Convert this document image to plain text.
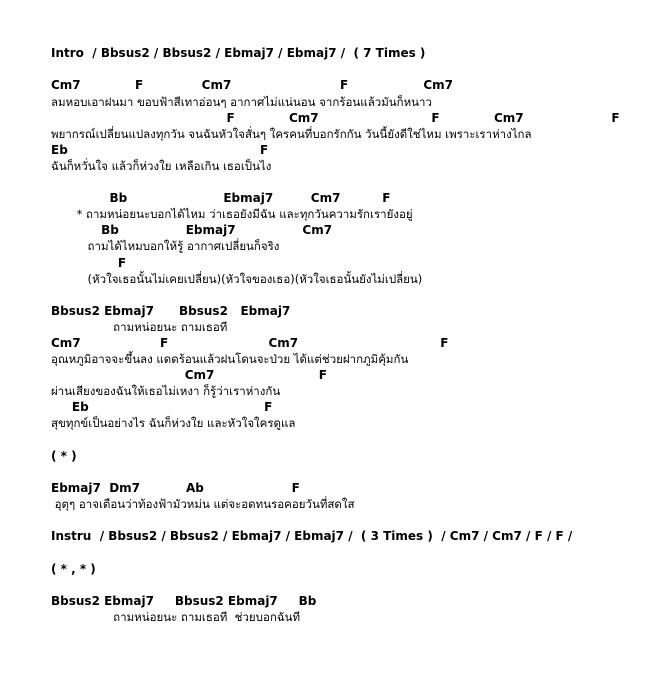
Intro  / Bbsus2 / Bbsus2 / Ebmaj7 / Ebmaj7 /  ( 7 Times )
Cm7             F              Cm7                          F                  Cm7
ลมหอบเอาฝนมา ขอบฟ้าสีเทาอ่อนๆ อากาศไม่แน่นอน จากร้อนแล้วมันก็หนาว
F             Cm7                           F             Cm7                     F
พยากรณ์เปลี่ยนแปลงทุกวัน จนฉันหัวใจสั่นๆ ใครคนที่บอกรักกัน วันนี้ยังดีใช่ไหม เพราะเราห่างไกล
Eb                                              F
ฉันก็หวั่นใจ แล้วก็ห่วงใย เหลือเกิน เธอเป็นไง
Bb                       Ebmaj7         Cm7          F
* ถามหน่อยนะบอกได้ไหม ว่าเธอยังมีฉัน และทุกวันความรักเรายังอยู่
Bb                Ebmaj7                Cm7
ถามได้ไหมบอกให้รู้ อากาศเปลี่ยนก็จริง
F
(หัวใจเธอนั้นไม่เคยเปลี่ยน)(หัวใจของเธอ)(หัวใจเธอนั้นยังไม่เปลี่ยน)
Bbsus2 Ebmaj7      Bbsus2   Ebmaj7
ถามหน่อยนะ ถามเธอที
Cm7                   F                        Cm7                                  F
อุณหภูมิอาจจะขึ้นลง แดดร้อนแล้วฝนโดนจะป่วย ได้แต่ช่วยฝากภูมิคุ้มกัน
Cm7                         F
ผ่านเสียงของฉันให้เธอไม่เหงา ก็รู้ว่าเราห่างกัน
Eb                                          F
สุขทุกข์เป็นอย่างไร ฉันก็ห่วงใย และหัวใจใครดูแล
( * )
Ebmaj7  Dm7           Ab                     F
อุตุๆ อาจเตือนว่าท้องฟ้ามัวหม่น แต่จะอดทนรอคอยวันที่สดใส
Instru  / Bbsus2 / Bbsus2 / Ebmaj7 / Ebmaj7 /  ( 3 Times )  / Cm7 / Cm7 / F / F /
( * , * )
Bbsus2 Ebmaj7     Bbsus2 Ebmaj7     Bb
ถามหน่อยนะ ถามเธอที  ช่วยบอกฉันที
